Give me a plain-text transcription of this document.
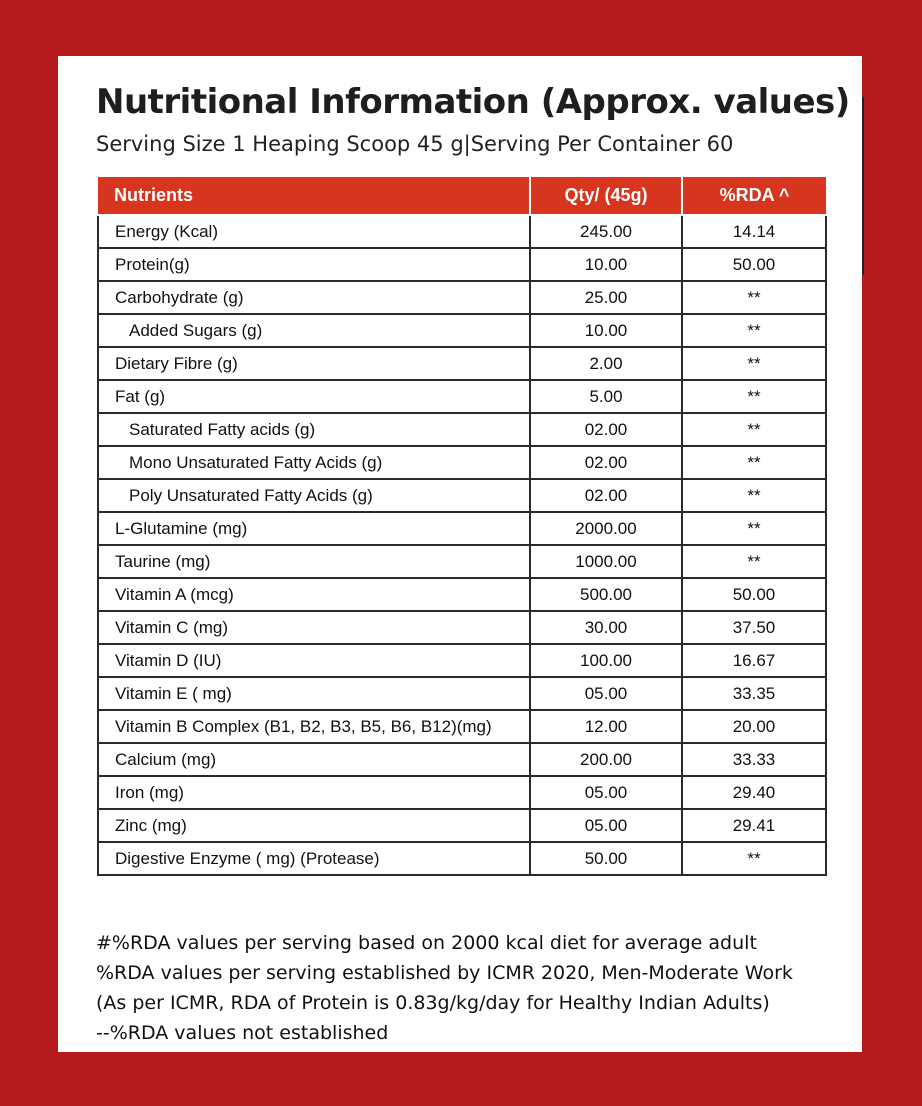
Nutritional Information (Approx. values)
Serving Size 1 Heaping Scoop 45 g|Serving Per Container 60
Nutrients	Qty/ (45g)	%RDA ^
Energy (Kcal)	245.00	14.14
Protein(g)	10.00	50.00
Carbohydrate (g)	25.00	**
Added Sugars (g)	10.00	**
Dietary Fibre (g)	2.00	**
Fat (g)	5.00	**
Saturated Fatty acids (g)	02.00	**
Mono Unsaturated Fatty Acids (g)	02.00	**
Poly Unsaturated Fatty Acids (g)	02.00	**
L-Glutamine (mg)	2000.00	**
Taurine (mg)	1000.00	**
Vitamin A (mcg)	500.00	50.00
Vitamin C (mg)	30.00	37.50
Vitamin D (IU)	100.00	16.67
Vitamin E ( mg)	05.00	33.35
Vitamin B Complex (B1, B2, B3, B5, B6, B12)(mg)	12.00	20.00
Calcium (mg)	200.00	33.33
Iron (mg)	05.00	29.40
Zinc (mg)	05.00	29.41
Digestive Enzyme ( mg) (Protease)	50.00	**
#%RDA values per serving based on 2000 kcal diet for average adult
%RDA values per serving established by ICMR 2020, Men-Moderate Work
(As per ICMR, RDA of Protein is 0.83g/kg/day for Healthy Indian Adults)
--%RDA values not established
